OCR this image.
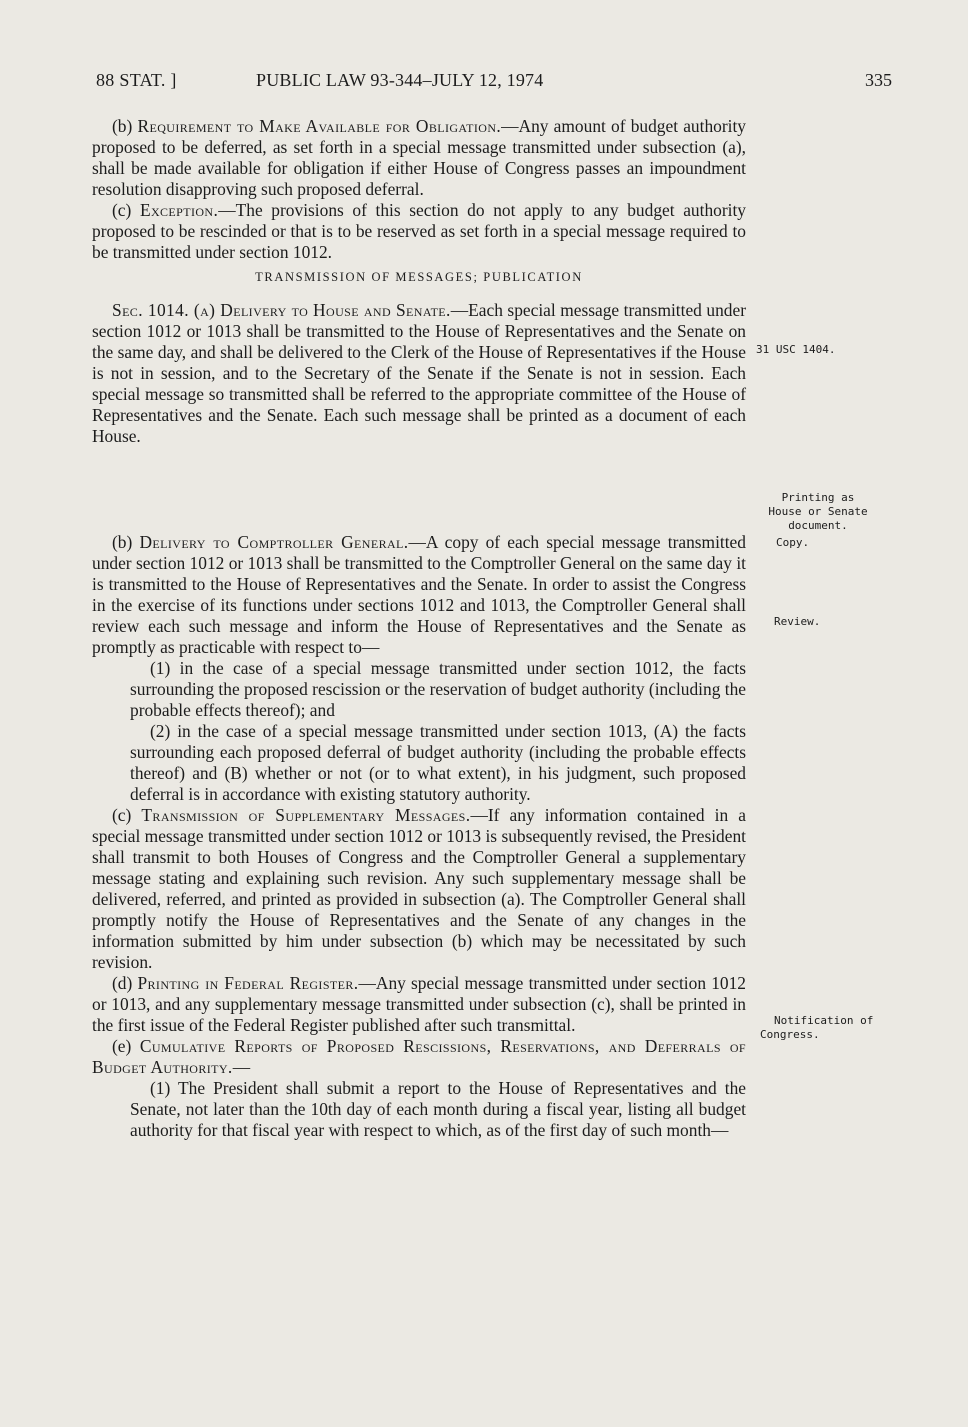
88 STAT. ]	PUBLIC LAW 93-344–JULY 12, 1974	335

(b) Requirement to Make Available for Obligation.—Any amount of budget authority proposed to be deferred, as set forth in a special message transmitted under subsection (a), shall be made available for obligation if either House of Congress passes an impoundment resolution disapproving such proposed deferral.

(c) Exception.—The provisions of this section do not apply to any budget authority proposed to be rescinded or that is to be reserved as set forth in a special message required to be transmitted under section 1012.

TRANSMISSION OF MESSAGES; PUBLICATION

Sec. 1014. (a) Delivery to House and Senate.—Each special message transmitted under section 1012 or 1013 shall be transmitted to the House of Representatives and the Senate on the same day, and shall be delivered to the Clerk of the House of Representatives if the House is not in session, and to the Secretary of the Senate if the Senate is not in session. Each special message so transmitted shall be referred to the appropriate committee of the House of Representatives and the Senate. Each such message shall be printed as a document of each House.

(b) Delivery to Comptroller General.—A copy of each special message transmitted under section 1012 or 1013 shall be transmitted to the Comptroller General on the same day it is transmitted to the House of Representatives and the Senate. In order to assist the Congress in the exercise of its functions under sections 1012 and 1013, the Comptroller General shall review each such message and inform the House of Representatives and the Senate as promptly as practicable with respect to—

(1) in the case of a special message transmitted under section 1012, the facts surrounding the proposed rescission or the reservation of budget authority (including the probable effects thereof); and

(2) in the case of a special message transmitted under section 1013, (A) the facts surrounding each proposed deferral of budget authority (including the probable effects thereof) and (B) whether or not (or to what extent), in his judgment, such proposed deferral is in accordance with existing statutory authority.

(c) Transmission of Supplementary Messages.—If any information contained in a special message transmitted under section 1012 or 1013 is subsequently revised, the President shall transmit to both Houses of Congress and the Comptroller General a supplementary message stating and explaining such revision. Any such supplementary message shall be delivered, referred, and printed as provided in subsection (a). The Comptroller General shall promptly notify the House of Representatives and the Senate of any changes in the information submitted by him under subsection (b) which may be necessitated by such revision.

(d) Printing in Federal Register.—Any special message transmitted under section 1012 or 1013, and any supplementary message transmitted under subsection (c), shall be printed in the first issue of the Federal Register published after such transmittal.

(e) Cumulative Reports of Proposed Rescissions, Reservations, and Deferrals of Budget Authority.—

(1) The President shall submit a report to the House of Representatives and the Senate, not later than the 10th day of each month during a fiscal year, listing all budget authority for that fiscal year with respect to which, as of the first day of such month—

31 USC 1404.
Printing as
House or Senate
document.
Copy.
Review.
Notification of
Congress.
